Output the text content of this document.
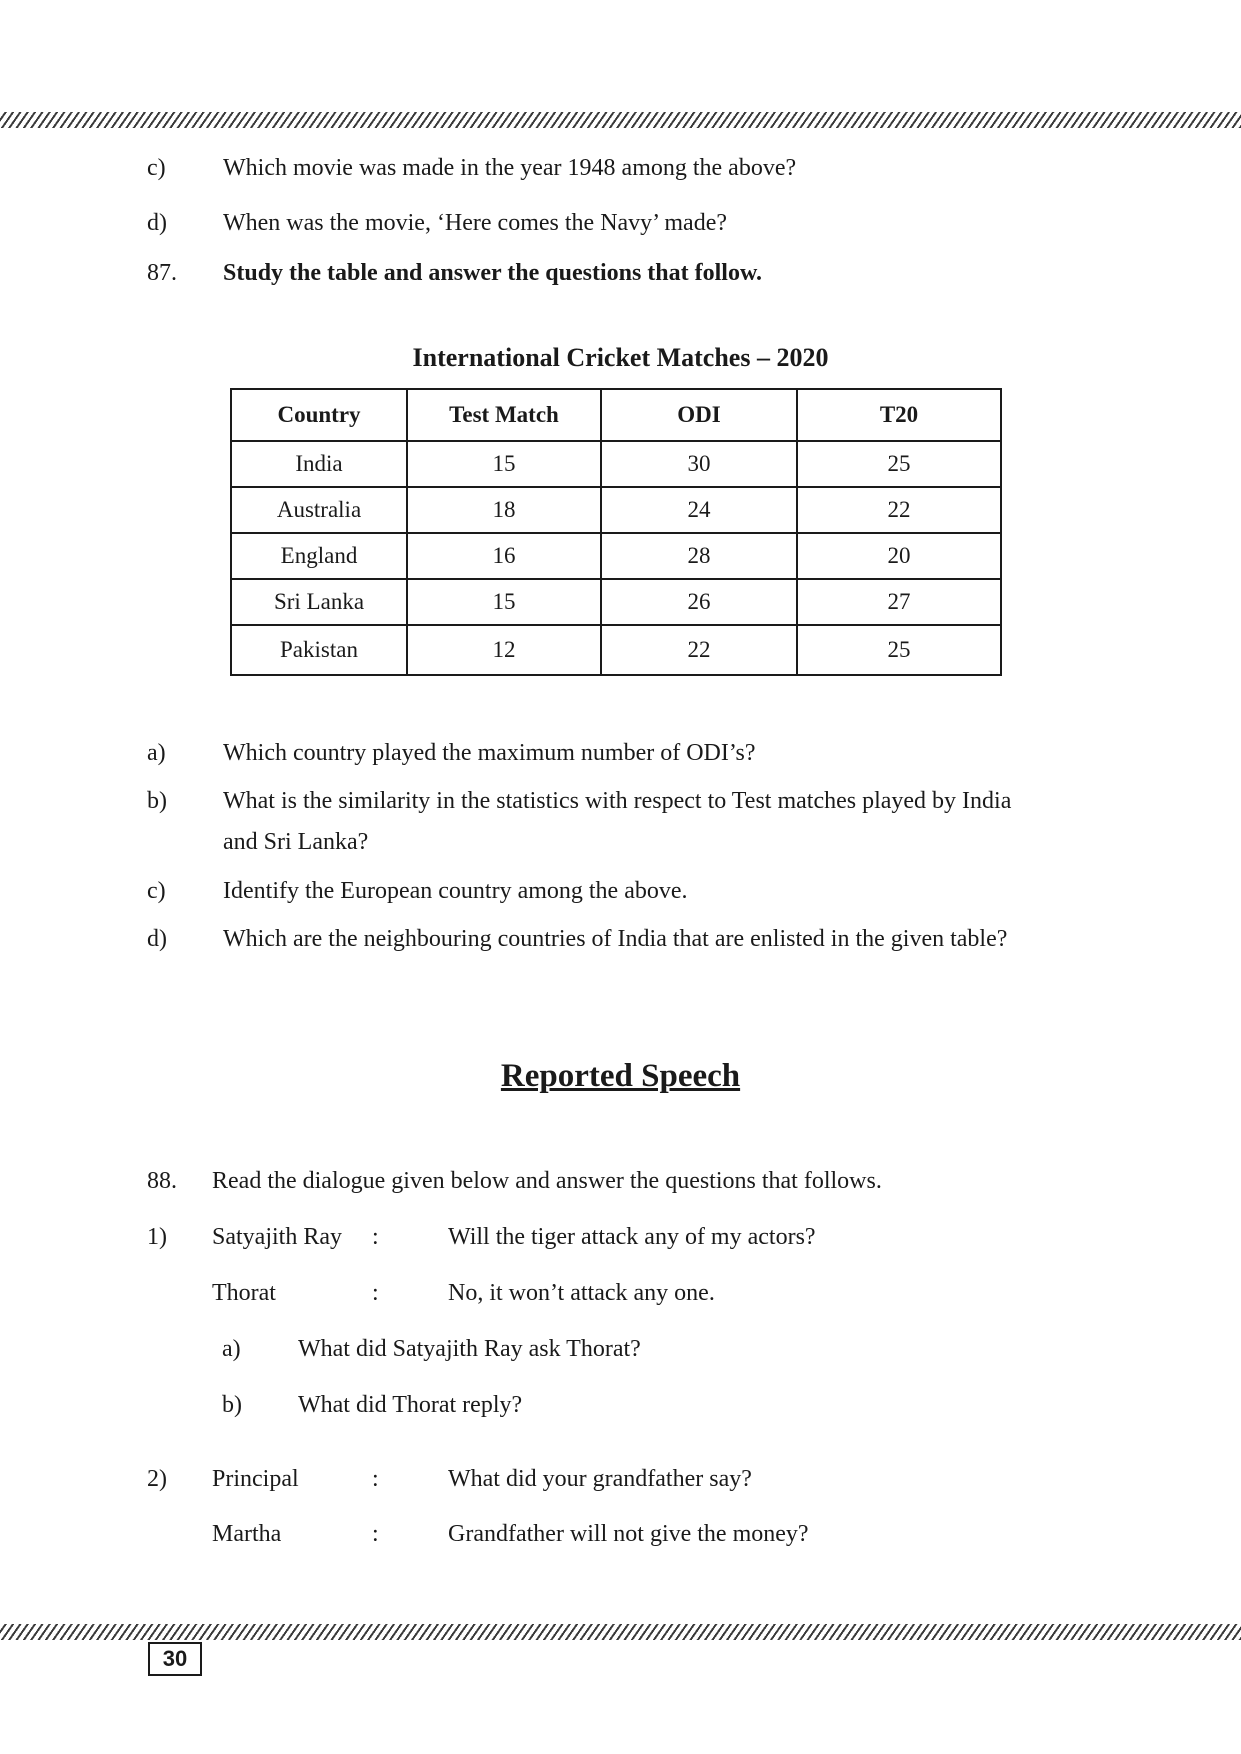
c) Which movie was made in the year 1948 among the above?
d) When was the movie, ‘Here comes the Navy’ made?
87. Study the table and answer the questions that follow.
International Cricket Matches – 2020
Country	Test Match	ODI	T20
India	15	30	25
Australia	18	24	22
England	16	28	20
Sri Lanka	15	26	27
Pakistan	12	22	25
a) Which country played the maximum number of ODI’s?
b) What is the similarity in the statistics with respect to Test matches played by India
and Sri Lanka?
c) Identify the European country among the above.
d) Which are the neighbouring countries of India that are enlisted in the given table?
Reported Speech
88. Read the dialogue given below and answer the questions that follows.
1) Satyajith Ray :	Will the tiger attack any of my actors?
Thorat	:	No, it won’t attack any one.
a) What did Satyajith Ray ask Thorat?
b) What did Thorat reply?
2) Principal	:	What did your grandfather say?
Martha	:	Grandfather will not give the money?
30
